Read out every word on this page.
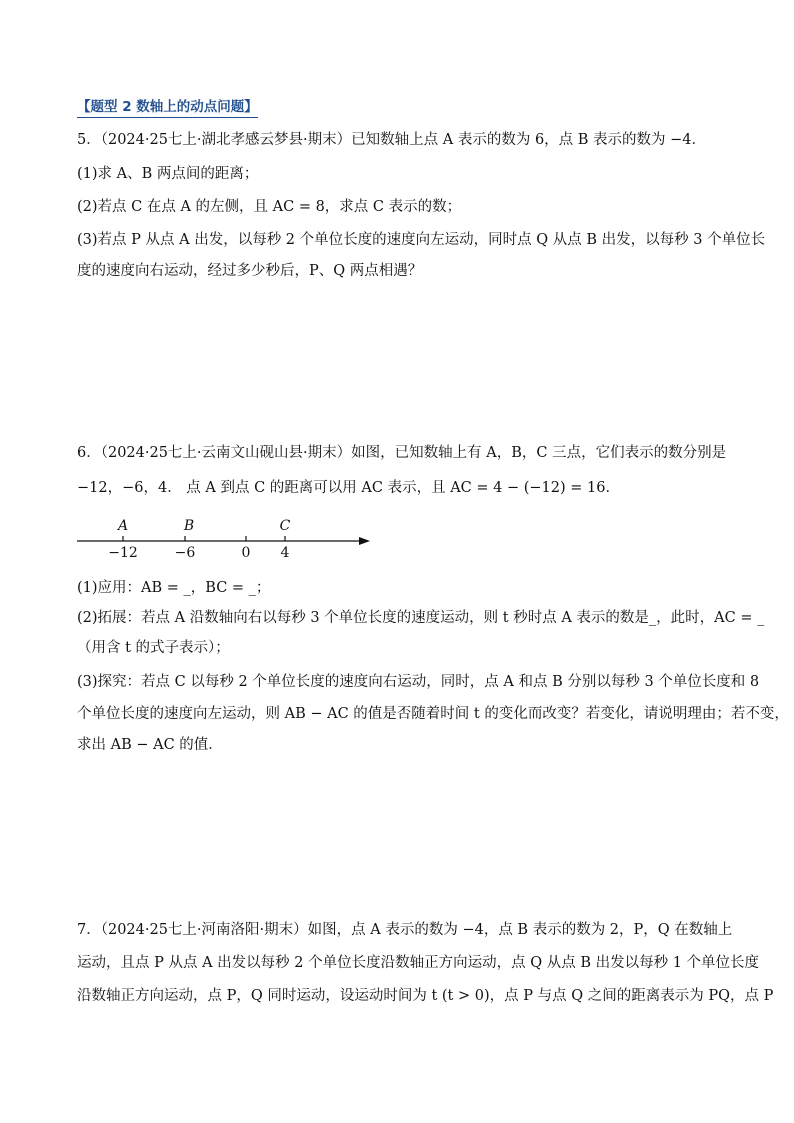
【题型 2 数轴上的动点问题】
5．（2024·25七上·湖北孝感云梦县·期末）已知数轴上点 A 表示的数为 6，点 B 表示的数为 −4．
(1)求 A、B 两点间的距离；
(2)若点 C 在点 A 的左侧，且 AC = 8，求点 C 表示的数；
(3)若点 P 从点 A 出发，以每秒 2 个单位长度的速度向左运动，同时点 Q 从点 B 出发，以每秒 3 个单位长
度的速度向右运动，经过多少秒后，P、Q 两点相遇？
6．（2024·25七上·云南文山砚山县·期末）如图，已知数轴上有 A，B，C 三点，它们表示的数分别是
−12，−6，4． 点 A 到点 C 的距离可以用 AC 表示，且 AC = 4 − (−12) = 16．
A	B	C
−12	−6	0 4
(1)应用：AB = _，BC = _；
(2)拓展：若点 A 沿数轴向右以每秒 3 个单位长度的速度运动，则 t 秒时点 A 表示的数是_，此时，AC = _
（用含 t 的式子表示）；
(3)探究：若点 C 以每秒 2 个单位长度的速度向右运动，同时，点 A 和点 B 分别以每秒 3 个单位长度和 8
个单位长度的速度向左运动，则 AB − AC 的值是否随着时间 t 的变化而改变？若变化，请说明理由；若不变，
求出 AB − AC 的值．
7．（2024·25七上·河南洛阳·期末）如图，点 A 表示的数为 −4，点 B 表示的数为 2，P，Q 在数轴上
运动，且点 P 从点 A 出发以每秒 2 个单位长度沿数轴正方向运动，点 Q 从点 B 出发以每秒 1 个单位长度
沿数轴正方向运动，点 P，Q 同时运动，设运动时间为 t (t > 0)，点 P 与点 Q 之间的距离表示为 PQ，点 P
